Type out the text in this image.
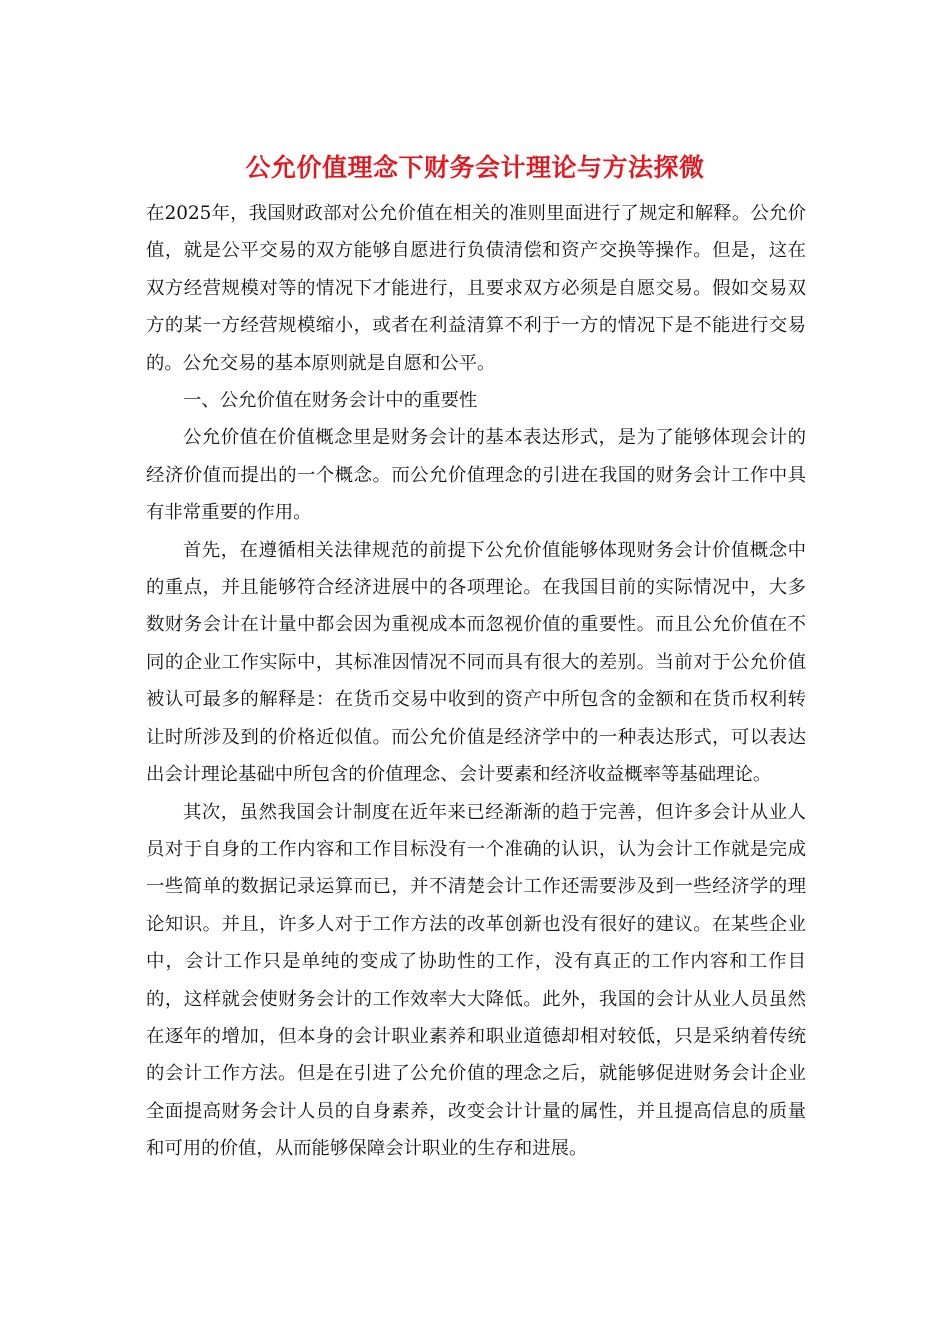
公允价值理念下财务会计理论与方法探微

在2025年，我国财政部对公允价值在相关的准则里面进行了规定和解释。公允价值，就是公平交易的双方能够自愿进行负债清偿和资产交换等操作。但是，这在双方经营规模对等的情况下才能进行，且要求双方必须是自愿交易。假如交易双方的某一方经营规模缩小，或者在利益清算不利于一方的情况下是不能进行交易的。公允交易的基本原则就是自愿和公平。

一、公允价值在财务会计中的重要性

公允价值在价值概念里是财务会计的基本表达形式，是为了能够体现会计的经济价值而提出的一个概念。而公允价值理念的引进在我国的财务会计工作中具有非常重要的作用。

首先，在遵循相关法律规范的前提下公允价值能够体现财务会计价值概念中的重点，并且能够符合经济进展中的各项理论。在我国目前的实际情况中，大多数财务会计在计量中都会因为重视成本而忽视价值的重要性。而且公允价值在不同的企业工作实际中，其标准因情况不同而具有很大的差别。当前对于公允价值被认可最多的解释是：在货币交易中收到的资产中所包含的金额和在货币权利转让时所涉及到的价格近似值。而公允价值是经济学中的一种表达形式，可以表达出会计理论基础中所包含的价值理念、会计要素和经济收益概率等基础理论。

其次，虽然我国会计制度在近年来已经渐渐的趋于完善，但许多会计从业人员对于自身的工作内容和工作目标没有一个准确的认识，认为会计工作就是完成一些简单的数据记录运算而已，并不清楚会计工作还需要涉及到一些经济学的理论知识。并且，许多人对于工作方法的改革创新也没有很好的建议。在某些企业中，会计工作只是单纯的变成了协助性的工作，没有真正的工作内容和工作目的，这样就会使财务会计的工作效率大大降低。此外，我国的会计从业人员虽然在逐年的增加，但本身的会计职业素养和职业道德却相对较低，只是采纳着传统的会计工作方法。但是在引进了公允价值的理念之后，就能够促进财务会计企业全面提高财务会计人员的自身素养，改变会计计量的属性，并且提高信息的质量和可用的价值，从而能够保障会计职业的生存和进展。
